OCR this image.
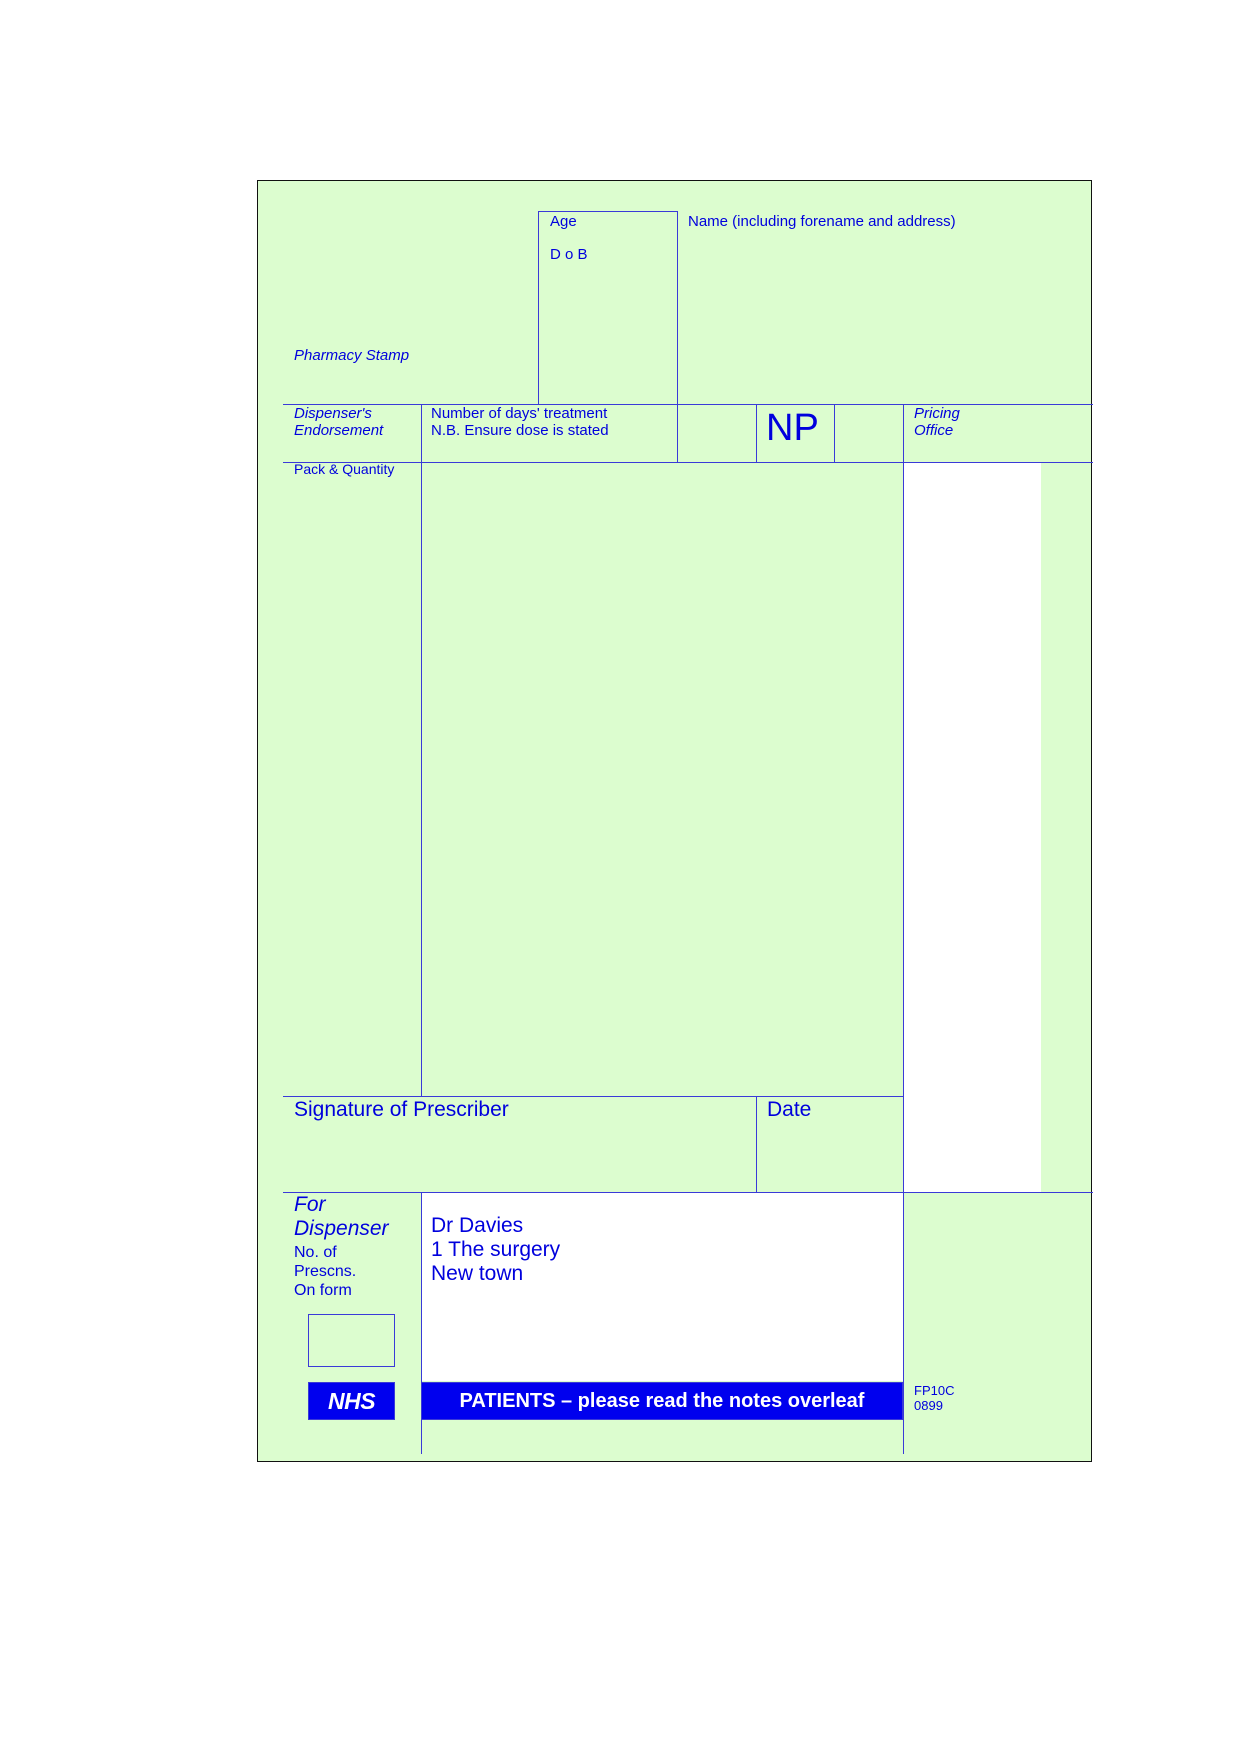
Age
D o B
Name (including forename and address)
Pharmacy Stamp
Dispenser's
Endorsement
Number of days' treatment
N.B. Ensure dose is stated	NP	Pricing
Office
Pack & Quantity
Signature of Prescriber	Date
For
Dispenser
No. of
Prescns.
On form
Dr Davies
1 The surgery
New town
NHS	PATIENTS – please read the notes overleaf	FP10C
0899
